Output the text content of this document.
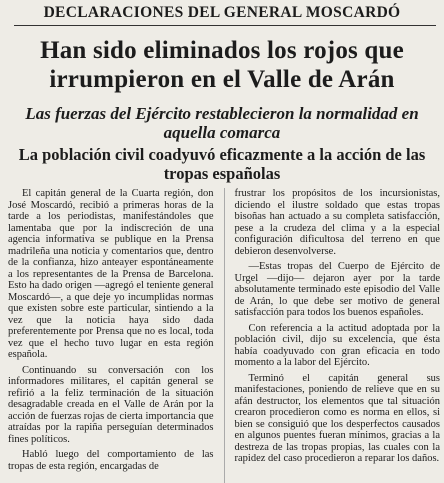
DECLARACIONES DEL GENERAL MOSCARDÓ
Han sido eliminados los rojos que irrumpieron en el Valle de Arán
Las fuerzas del Ejército restablecieron la normalidad en aquella comarca
La población civil coadyuvó eficazmente a la acción de las tropas españolas

El capitán general de la Cuarta región, don José Moscardó, recibió a primeras horas de la tarde a los periodistas, manifestándoles que lamentaba que por la indiscreción de una agencia informativa se publique en la Prensa madrileña una noticia y comentarios que, dentro de la confianza, hizo anteayer espontáneamente a los representantes de la Prensa de Barcelona. Esto ha dado origen —agregó el teniente general Moscardó—, a que deje yo incumplidas normas que existen sobre este particular, sintiendo a la vez que la noticia haya sido dada preferentemente por Prensa que no es local, toda vez que el hecho tuvo lugar en esta región española.

Continuando su conversación con los informadores militares, el capitán general se refirió a la feliz terminación de la situación desagradable creada en el Valle de Arán por la acción de fuerzas rojas de cierta importancia que atraídas por la rapiña perseguían determinados fines políticos.

Habló luego del comportamiento de las tropas de esta región, encargadas de

frustrar los propósitos de los incursionistas, diciendo el ilustre soldado que estas tropas bisoñas han actuado a su completa satisfacción, pese a la crudeza del clima y a la especial configuración dificultosa del terreno en que debieron desenvolverse.

—Estas tropas del Cuerpo de Ejército de Urgel —dijo— dejaron ayer por la tarde absolutamente terminado este episodio del Valle de Arán, lo que debe ser motivo de general satisfacción para todos los buenos españoles.

Con referencia a la actitud adoptada por la población civil, dijo su excelencia, que ésta había coadyuvado con gran eficacia en todo momento a la labor del Ejército.

Terminó el capitán general sus manifestaciones, poniendo de relieve que en su afán destructor, los elementos que tal situación crearon procedieron como es norma en ellos, si bien se consiguió que los desperfectos causados en algunos puentes fueran mínimos, gracias a la destreza de las tropas propias, las cuales con la rapidez del caso procedieron a reparar los daños.
